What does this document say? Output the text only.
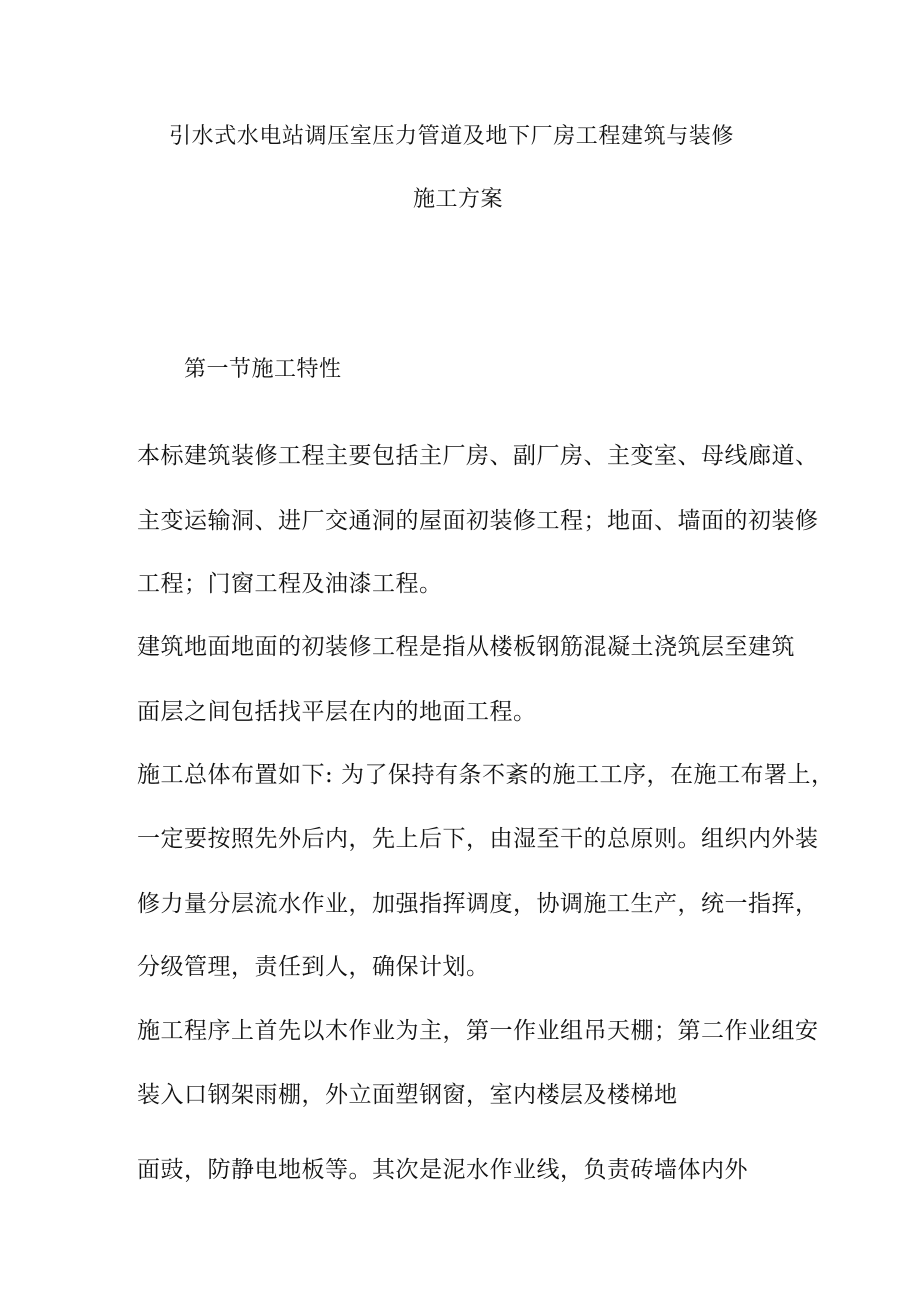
引水式水电站调压室压力管道及地下厂房工程建筑与装修
施工方案
第一节施工特性
本标建筑装修工程主要包括主厂房、副厂房、主变室、母线廊道、
主变运输洞、进厂交通洞的屋面初装修工程；地面、墙面的初装修
工程；门窗工程及油漆工程。
建筑地面地面的初装修工程是指从楼板钢筋混凝土浇筑层至建筑
面层之间包括找平层在内的地面工程。
施工总体布置如下: 为了保持有条不紊的施工工序，在施工布署上，
一定要按照先外后内，先上后下，由湿至干的总原则。组织内外装
修力量分层流水作业，加强指挥调度，协调施工生产，统一指挥，
分级管理，责任到人，确保计划。
施工程序上首先以木作业为主，第一作业组吊天棚；第二作业组安
装入口钢架雨棚，外立面塑钢窗，室内楼层及楼梯地
面豉，防静电地板等。其次是泥水作业线，负责砖墙体内外
